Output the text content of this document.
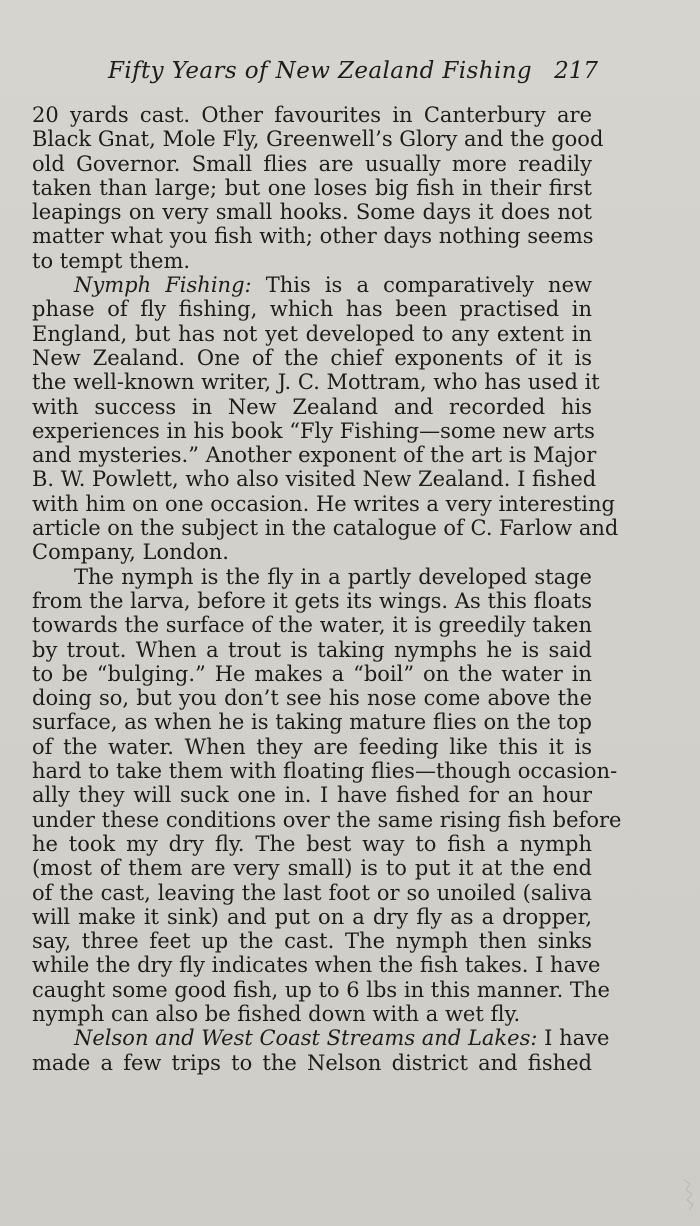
Fifty Years of New Zealand Fishing 217
20 yards cast. Other favourites in Canterbury are
Black Gnat, Mole Fly, Greenwell’s Glory and the good
old Governor. Small flies are usually more readily
taken than large; but one loses big fish in their first
leapings on very small hooks. Some days it does not
matter what you fish with; other days nothing seems
to tempt them.
Nymph Fishing: This is a comparatively new
phase of fly fishing, which has been practised in
England, but has not yet developed to any extent in
New Zealand. One of the chief exponents of it is
the well-known writer, J. C. Mottram, who has used it
with success in New Zealand and recorded his
experiences in his book “Fly Fishing—some new arts
and mysteries.” Another exponent of the art is Major
B. W. Powlett, who also visited New Zealand. I fished
with him on one occasion. He writes a very interesting
article on the subject in the catalogue of C. Farlow and
Company, London.
The nymph is the fly in a partly developed stage
from the larva, before it gets its wings. As this floats
towards the surface of the water, it is greedily taken
by trout. When a trout is taking nymphs he is said
to be “bulging.” He makes a “boil” on the water in
doing so, but you don’t see his nose come above the
surface, as when he is taking mature flies on the top
of the water. When they are feeding like this it is
hard to take them with floating flies—though occasion-
ally they will suck one in. I have fished for an hour
under these conditions over the same rising fish before
he took my dry fly. The best way to fish a nymph
(most of them are very small) is to put it at the end
of the cast, leaving the last foot or so unoiled (saliva
will make it sink) and put on a dry fly as a dropper,
say, three feet up the cast. The nymph then sinks
while the dry fly indicates when the fish takes. I have
caught some good fish, up to 6 lbs in this manner. The
nymph can also be fished down with a wet fly.
Nelson and West Coast Streams and Lakes: I have
made a few trips to the Nelson district and fished
